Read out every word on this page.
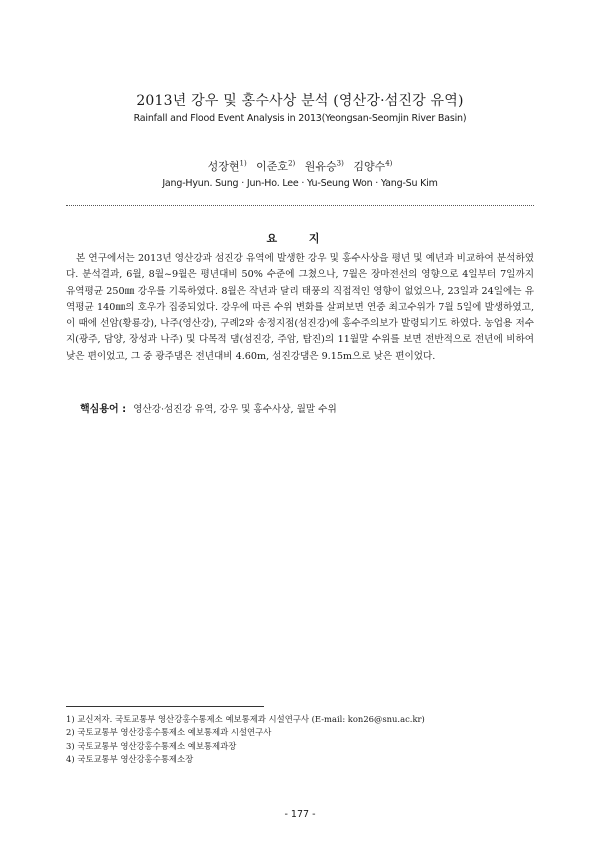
2013년 강우 및 홍수사상 분석 (영산강·섬진강 유역)
Rainfall and Flood Event Analysis in 2013(Yeongsan-Seomjin River Basin)
성장현$^{1)}$ 이준호$^{2)}$ 원유승$^{3)}$ 김양수$^{4)}$
Jang-Hyun. Sung · Jun-Ho. Lee · Yu-Seung Won · Yang-Su Kim
요 지

본 연구에서는 2013년 영산강과 섬진강 유역에 발생한 강우 및 홍수사상을 평년 및 예년과 비교하여 분석하였다. 분석결과, 6월, 8월~9월은 평년대비 50% 수준에 그쳤으나, 7월은 장마전선의 영향으로 4일부터 7일까지 유역평균 250㎜ 강우를 기록하였다. 8월은 작년과 달리 태풍의 직접적인 영향이 없었으나, 23일과 24일에는 유역평균 140㎜의 호우가 집중되었다. 강우에 따른 수위 변화를 살펴보면 연중 최고수위가 7월 5일에 발생하였고, 이 때에 선암(황룡강), 나주(영산강), 구례2와 송정지점(섬진강)에 홍수주의보가 발령되기도 하였다. 농업용 저수지(광주, 담양, 장성과 나주) 및 다목적 댐(섬진강, 주암, 탐진)의 11월말 수위를 보면 전반적으로 전년에 비하여 낮은 편이었고, 그 중 광주댐은 전년대비 4.60m, 섬진강댐은 9.15m으로 낮은 편이었다.

핵심용어 : 영산강·섬진강 유역, 강우 및 홍수사상, 월말 수위
1) 교신저자. 국토교통부 영산강홍수통제소 예보통제과 시설연구사 (E-mail: kon26@snu.ac.kr)
2) 국토교통부 영산강홍수통제소 예보통제과 시설연구사
3) 국토교통부 영산강홍수통제소 예보통제과장
4) 국토교통부 영산강홍수통제소장
- 177 -
